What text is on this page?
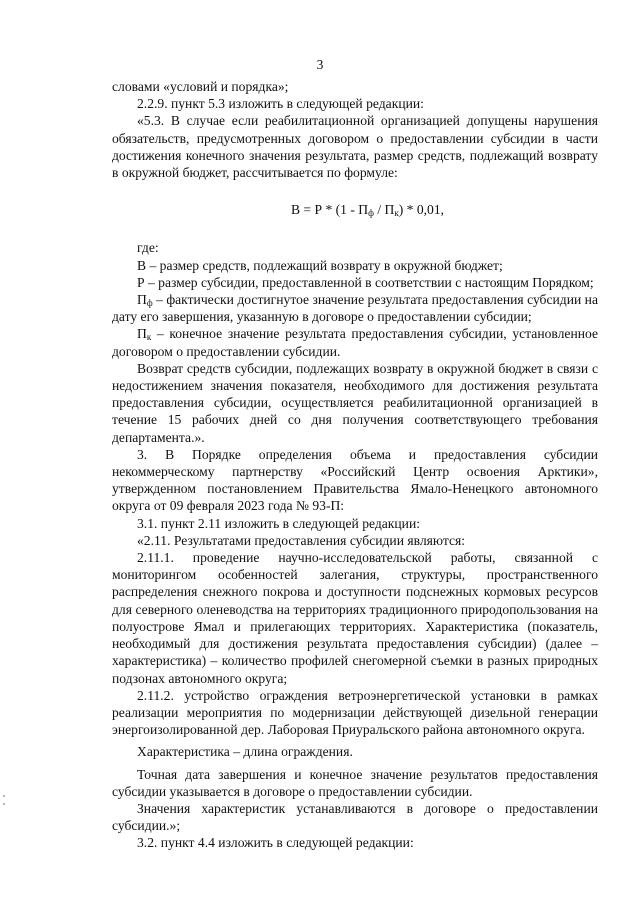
3

словами «условий и порядка»;

2.2.9. пункт 5.3 изложить в следующей редакции:

«5.3. В случае если реабилитационной организацией допущены нарушения обязательств, предусмотренных договором о предоставлении субсидии в части достижения конечного значения результата, размер средств, подлежащий возврату в окружной бюджет, рассчитывается по формуле:

$В = Р * (1 - П_ф / П_к) * 0,01$,

где:

В – размер средств, подлежащий возврату в окружной бюджет;

Р – размер субсидии, предоставленной в соответствии с настоящим Порядком;

$П_ф$ – фактически достигнутое значение результата предоставления субсидии на дату его завершения, указанную в договоре о предоставлении субсидии;

$П_к$ – конечное значение результата предоставления субсидии, установленное договором о предоставлении субсидии.

Возврат средств субсидии, подлежащих возврату в окружной бюджет в связи с недостижением значения показателя, необходимого для достижения результата предоставления субсидии, осуществляется реабилитационной организацией в течение 15 рабочих дней со дня получения соответствующего требования департамента.».

3. В Порядке определения объема и предоставления субсидии некоммерческому партнерству «Российский Центр освоения Арктики», утвержденном постановлением Правительства Ямало-Ненецкого автономного округа от 09 февраля 2023 года № 93-П:

3.1. пункт 2.11 изложить в следующей редакции:

«2.11. Результатами предоставления субсидии являются:

2.11.1. проведение научно-исследовательской работы, связанной с мониторингом особенностей залегания, структуры, пространственного распределения снежного покрова и доступности подснежных кормовых ресурсов для северного оленеводства на территориях традиционного природопользования на полуострове Ямал и прилегающих территориях. Характеристика (показатель, необходимый для достижения результата предоставления субсидии) (далее – характеристика) – количество профилей снегомерной съемки в разных природных подзонах автономного округа;

2.11.2. устройство ограждения ветроэнергетической установки в рамках реализации мероприятия по модернизации действующей дизельной генерации энергоизолированной дер. Лаборовая Приуральского района автономного округа.

Характеристика – длина ограждения.

Точная дата завершения и конечное значение результатов предоставления субсидии указывается в договоре о предоставлении субсидии.

Значения характеристик устанавливаются в договоре о предоставлении субсидии.»;

3.2. пункт 4.4 изложить в следующей редакции:
